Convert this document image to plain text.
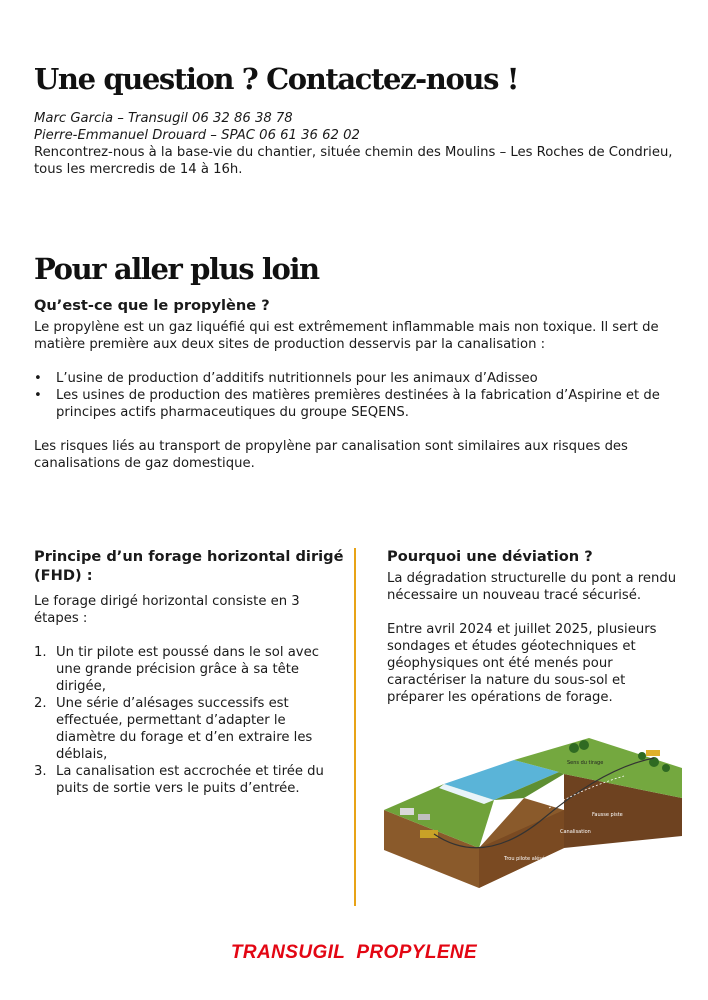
Une question ? Contactez-nous !

Marc Garcia – Transugil 06 32 86 38 78

Pierre-Emmanuel Drouard – SPAC 06 61 36 62 02

Rencontrez-nous à la base-vie du chantier, située chemin des Moulins – Les Roches de Condrieu, tous les mercredis de 14 à 16h.

Pour aller plus loin
Qu’est-ce que le propylène ?

Le propylène est un gaz liquéfié qui est extrêmement inflammable mais non toxique. Il sert de matière première aux deux sites de production desservis par la canalisation :

• L’usine de production d’additifs nutritionnels pour les animaux d’Adisseo
• Les usines de production des matières premières destinées à la fabrication d’Aspirine et de principes actifs pharmaceutiques du groupe SEQENS.

Les risques liés au transport de propylène par canalisation sont similaires aux risques des canalisations de gaz domestique.

Principe d’un forage horizontal dirigé (FHD) :

Le forage dirigé horizontal consiste en 3 étapes :

1. Un tir pilote est poussé dans le sol avec une grande précision grâce à sa tête dirigée,
2. Une série d’alésages successifs est effectuée, permettant d’adapter le diamètre du forage et d’en extraire les déblais,
3. La canalisation est accrochée et tirée du puits de sortie vers le puits d’entrée.
Pourquoi une déviation ?

La dégradation structurelle du pont a rendu nécessaire un nouveau tracé sécurisé.

Entre avril 2024 et juillet 2025, plusieurs sondages et études géotechniques et géophysiques ont été menés pour caractériser la nature du sous-sol et préparer les opérations de forage.

Sens du tirage
Fausse piste
Canalisation
Trou pilote alésé
TRANSUGIL  PROPYLENE
